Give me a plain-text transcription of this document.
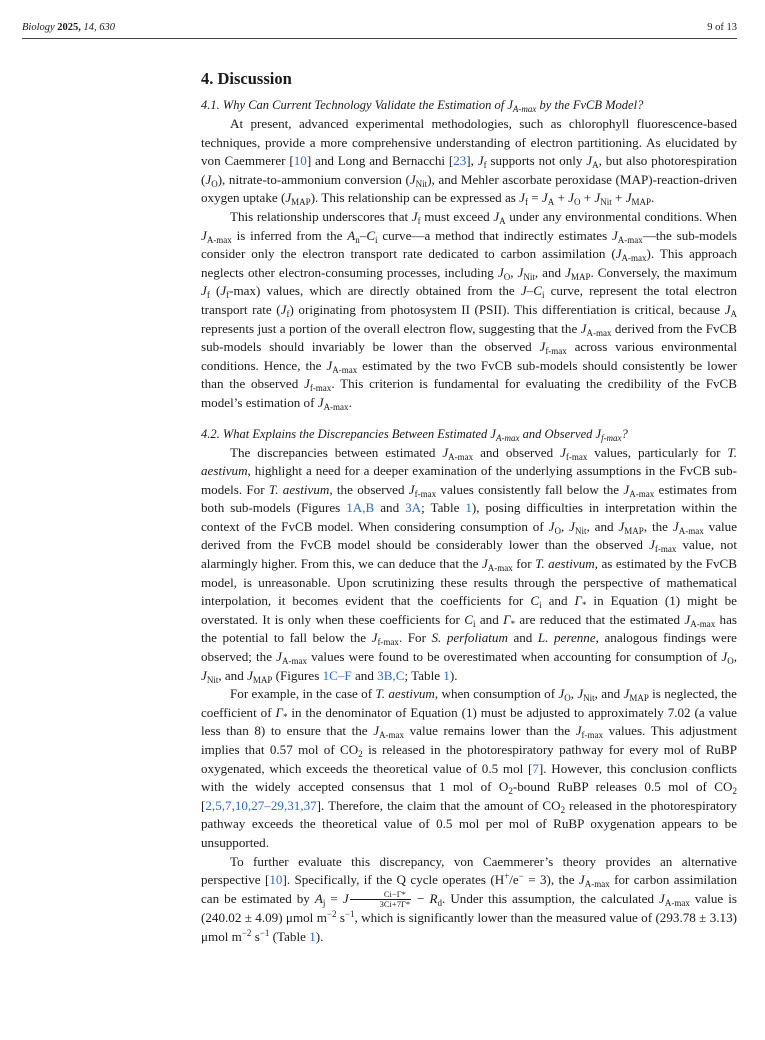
Biology 2025, 14, 630	9 of 13
4. Discussion
4.1. Why Can Current Technology Validate the Estimation of $J_{A-max}$ by the FvCB Model?

At present, advanced experimental methodologies, such as chlorophyll fluorescence-based techniques, provide a more comprehensive understanding of electron partitioning. As elucidated by von Caemmerer [10] and Long and Bernacchi [23], $J_f$ supports not only $J_A$, but also photorespiration $(J_O)$, nitrate-to-ammonium conversion $(J_{Nit})$, and Mehler ascorbate peroxidase (MAP)-reaction-driven oxygen uptake $(J_{MAP})$. This relationship can be expressed as $J_f = J_A + J_O + J_{Nit} + J_{MAP}$.

This relationship underscores that $J_f$ must exceed $J_A$ under any environmental conditions. When $J_{A-max}$ is inferred from the $A_n-C_i$ curve—a method that indirectly estimates $J_{A-max}—the$ sub-models consider only the electron transport rate dedicated to carbon assimilation $(J_{A-max})$. This approach neglects other electron-consuming processes, including $J_O$, $J_{Nit}$, and $J_{MAP}$. Conversely, the maximum $J_f$ $(J_f-\max)$ values, which are directly obtained from the $J-C_i$ curve, represent the total electron transport rate $(J_f)$ originating from photosystem II (PSII). This differentiation is critical, because $J_A$ represents just a portion of the overall electron flow, suggesting that the $J_{A-max}$ derived from the FvCB sub-models should invariably be lower than the observed $J_{f-max}$ across various environmental conditions. Hence, the $J_{A-max}$ estimated by the two FvCB sub-models should consistently be lower than the observed $J_{f-max}$. This criterion is fundamental for evaluating the credibility of the FvCB model’s estimation of $J_{A-max}$.

4.2. What Explains the Discrepancies Between Estimated $J_{A-max}$ and Observed $J_{f-max}$?

The discrepancies between estimated $J_{A-max}$ and observed $J_{f-max}$ values, particularly for T. aestivum, highlight a need for a deeper examination of the underlying assumptions in the FvCB sub-models. For T. aestivum, the observed $J_{f-max}$ values consistently fall below the $J_{A-max}$ estimates from both sub-models (Figures 1A,B and 3A; Table 1), posing difficulties in interpretation within the context of the FvCB model. When considering consumption of $J_O$, $J_{Nit}$, and $J_{MAP}$, the $J_{A-max}$ value derived from the FvCB model should be considerably lower than the observed $J_{f-max}$ value, not alarmingly higher. From this, we can deduce that the $J_{A-max}$ for T. aestivum, as estimated by the FvCB model, is unreasonable. Upon scrutinizing these results through the perspective of mathematical interpolation, it becomes evident that the coefficients for $C_i$ and $\Gamma_*$ in Equation (1) might be overstated. It is only when these coefficients for $C_i$ and $\Gamma_*$ are reduced that the estimated $J_{A-max}$ has the potential to fall below the $J_{f-max}$. For S. perfoliatum and L. perenne, analogous findings were observed; the $J_{A-max}$ values were found to be overestimated when accounting for consumption of $J_O$, $J_{Nit}$, and $J_{MAP}$ (Figures 1C–F and 3B,C; Table 1).

For example, in the case of T. aestivum, when consumption of $J_O$, $J_{Nit}$, and $J_{MAP}$ is neglected, the coefficient of $\Gamma_*$ in the denominator of Equation (1) must be adjusted to approximately 7.02 (a value less than 8) to ensure that the $J_{A-max}$ value remains lower than the $J_{f-max}$ values. This adjustment implies that 0.57 mol of $CO_2$ is released in the photorespiratory pathway for every mol of RuBP oxygenated, which exceeds the theoretical value of 0.5 mol [7]. However, this conclusion conflicts with the widely accepted consensus that 1 mol of $O_2$-bound RuBP releases 0.5 mol of $CO_2$ [2,5,7,10,27–29,31,37]. Therefore, the claim that the amount of $CO_2$ released in the photorespiratory pathway exceeds the theoretical value of 0.5 mol per mol of RuBP oxygenation appears to be unsupported.

To further evaluate this discrepancy, von Caemmerer’s theory provides an alternative perspective [10]. Specifically, if the Q cycle operates (H+/e− = 3), the $J_{A-max}$ for carbon assimilation can be estimated by $A_j = J \frac{Ci-\Gamma*}{3Ci+7\Gamma*} - R_d$. Under this assumption, the calculated $J_{A-max}$ value is (240.02 ± 4.09) μmol $m^{-2}$ $s^{-1}$, which is significantly lower than the measured value of (293.78 ± 3.13) μmol $m^{-2}$ $s^{-1}$ (Table 1).
